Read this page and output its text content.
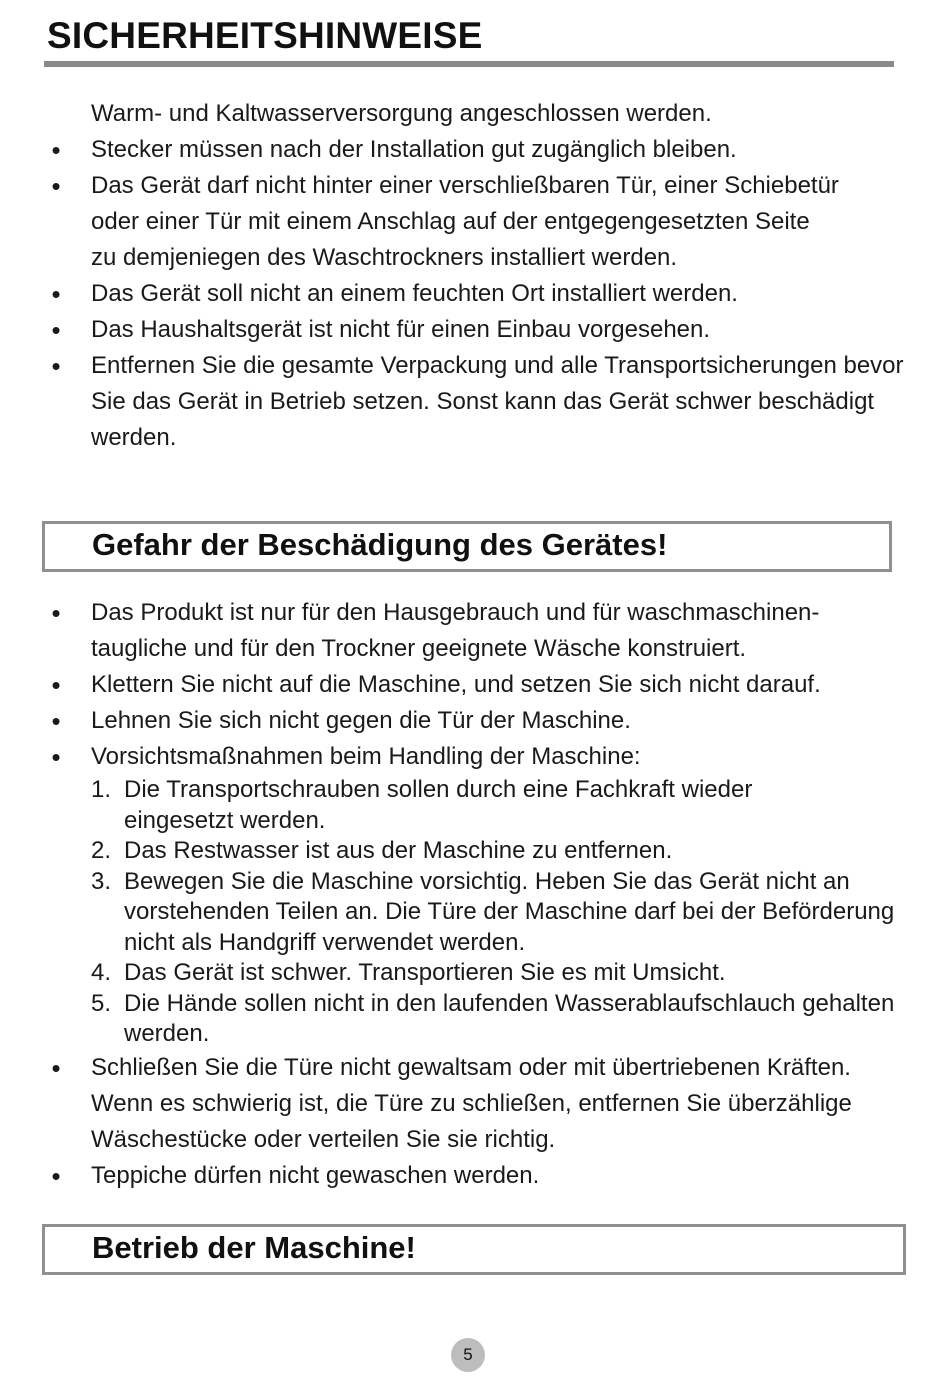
SICHERHEITSHINWEISE

Warm- und Kaltwasserversorgung angeschlossen werden.

• Stecker müssen nach der Installation gut zugänglich bleiben.
• Das Gerät darf nicht hinter einer verschließbaren Tür, einer Schiebetür oder einer Tür mit einem Anschlag auf der entgegengesetzten Seite zu demjeniegen des Waschtrockners installiert werden.
• Das Gerät soll nicht an einem feuchten Ort installiert werden.
• Das Haushaltsgerät ist nicht für einen Einbau vorgesehen.
• Entfernen Sie die gesamte Verpackung und alle Transportsicherungen bevor Sie das Gerät in Betrieb setzen. Sonst kann das Gerät schwer beschädigt werden.
Gefahr der Beschädigung des Gerätes!
• Das Produkt ist nur für den Hausgebrauch und für waschmaschinen-taugliche und für den Trockner geeignete Wäsche konstruiert.
• Klettern Sie nicht auf die Maschine, und setzen Sie sich nicht darauf.
• Lehnen Sie sich nicht gegen die Tür der Maschine.
• Vorsichtsmaßnahmen beim Handling der Maschine:
1. Die Transportschrauben sollen durch eine Fachkraft wieder eingesetzt werden.
2. Das Restwasser ist aus der Maschine zu entfernen.
3. Bewegen Sie die Maschine vorsichtig. Heben Sie das Gerät nicht an vorstehenden Teilen an. Die Türe der Maschine darf bei der Beförderung nicht als Handgriff verwendet werden.
4. Das Gerät ist schwer. Transportieren Sie es mit Umsicht.
5. Die Hände sollen nicht in den laufenden Wasserablaufschlauch gehalten werden.
• Schließen Sie die Türe nicht gewaltsam oder mit übertriebenen Kräften. Wenn es schwierig ist, die Türe zu schließen, entfernen Sie überzählige Wäschestücke oder verteilen Sie sie richtig.
• Teppiche dürfen nicht gewaschen werden.
Betrieb der Maschine!
5
